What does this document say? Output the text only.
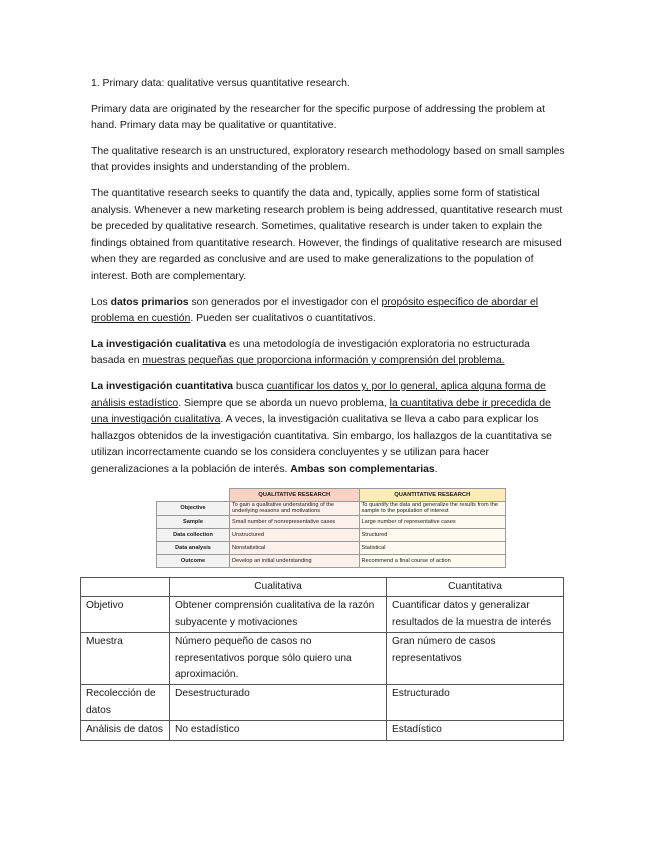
1. Primary data: qualitative versus quantitative research.

Primary data are originated by the researcher for the specific purpose of addressing the problem at hand. Primary data may be qualitative or quantitative.

The qualitative research is an unstructured, exploratory research methodology based on small samples that provides insights and understanding of the problem.

The quantitative research seeks to quantify the data and, typically, applies some form of statistical analysis. Whenever a new marketing research problem is being addressed, quantitative research must be preceded by qualitative research. Sometimes, qualitative research is under taken to explain the findings obtained from quantitative research. However, the findings of qualitative research are misused when they are regarded as conclusive and are used to make generalizations to the population of interest. Both are complementary.

Los datos primarios son generados por el investigador con el propósito específico de abordar el problema en cuestión. Pueden ser cualitativos o cuantitativos.

La investigación cualitativa es una metodología de investigación exploratoria no estructurada basada en muestras pequeñas que proporciona información y comprensión del problema.

La investigación cuantitativa busca cuantificar los datos y, por lo general, aplica alguna forma de análisis estadístico. Siempre que se aborda un nuevo problema, la cuantitativa debe ir precedida de una investigación cualitativa. A veces, la investigación cualitativa se lleva a cabo para explicar los hallazgos obtenidos de la investigación cuantitativa. Sin embargo, los hallazgos de la cuantitativa se utilizan incorrectamente cuando se los considera concluyentes y se utilizan para hacer generalizaciones a la población de interés. Ambas son complementarias.

	QUALITATIVE RESEARCH	QUANTITATIVE RESEARCH
Objective	To gain a qualitative understanding of the underlying reasons and motivations	To quantify the data and generalize the results from the sample to the population of interest
Sample	Small number of nonrepresentative cases	Large number of representative cases
Data collection	Unstructured	Structured
Data analysis	Nonstatistical	Statistical
Outcome	Develop an initial understanding	Recommend a final course of action
	Cualitativa	Cuantitativa
Objetivo	Obtener comprensión cualitativa de la razón subyacente y motivaciones	Cuantificar datos y generalizar resultados de la muestra de interés
Muestra	Número pequeño de casos no representativos porque sólo quiero una aproximación.	Gran número de casos representativos
Recolección de datos	Desestructurado	Estructurado
Análisis de datos	No estadístico	Estadístico
